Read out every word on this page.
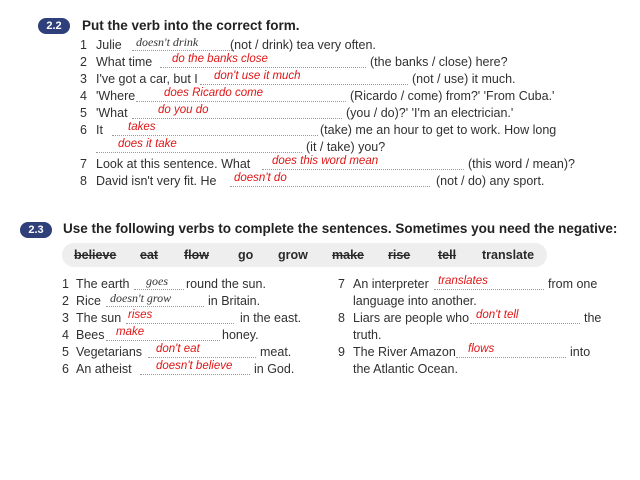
2.2	Put the verb into the correct form.
1 Julie doesn't drink	(not / drink) tea very often.
2 What time do the banks close	(the banks / close) here?
3 I've got a car, but I don't use it much	(not / use) it much.
4 'Where	does Ricardo come	(Ricardo / come) from?' 'From Cuba.'
5 'What	do you do	(you / do)?' 'I'm an electrician.'
6 It takes	(take) me an hour to get to work. How long
does it take	(it / take) you?
7 Look at this sentence. What does this word mean	(this word / mean)?
8 David isn't very fit. He doesn't do	(not / do) any sport.
2.3	Use the following verbs to complete the sentences. Sometimes you need the negative:
believe eat flow go grow make rise tell translate
1 The earth goes round the sun.
2 Rice doesn't grow	in Britain.
3 The sun rises	in the east.
4 Bees make	honey.
5 Vegetarians don't eat	meat.
6 An atheist doesn't believe in God.
7 An interpreter translates	from one
language into another.
8 Liars are people who don't tell	the
truth.
9 The River Amazon flows	into
the Atlantic Ocean.
